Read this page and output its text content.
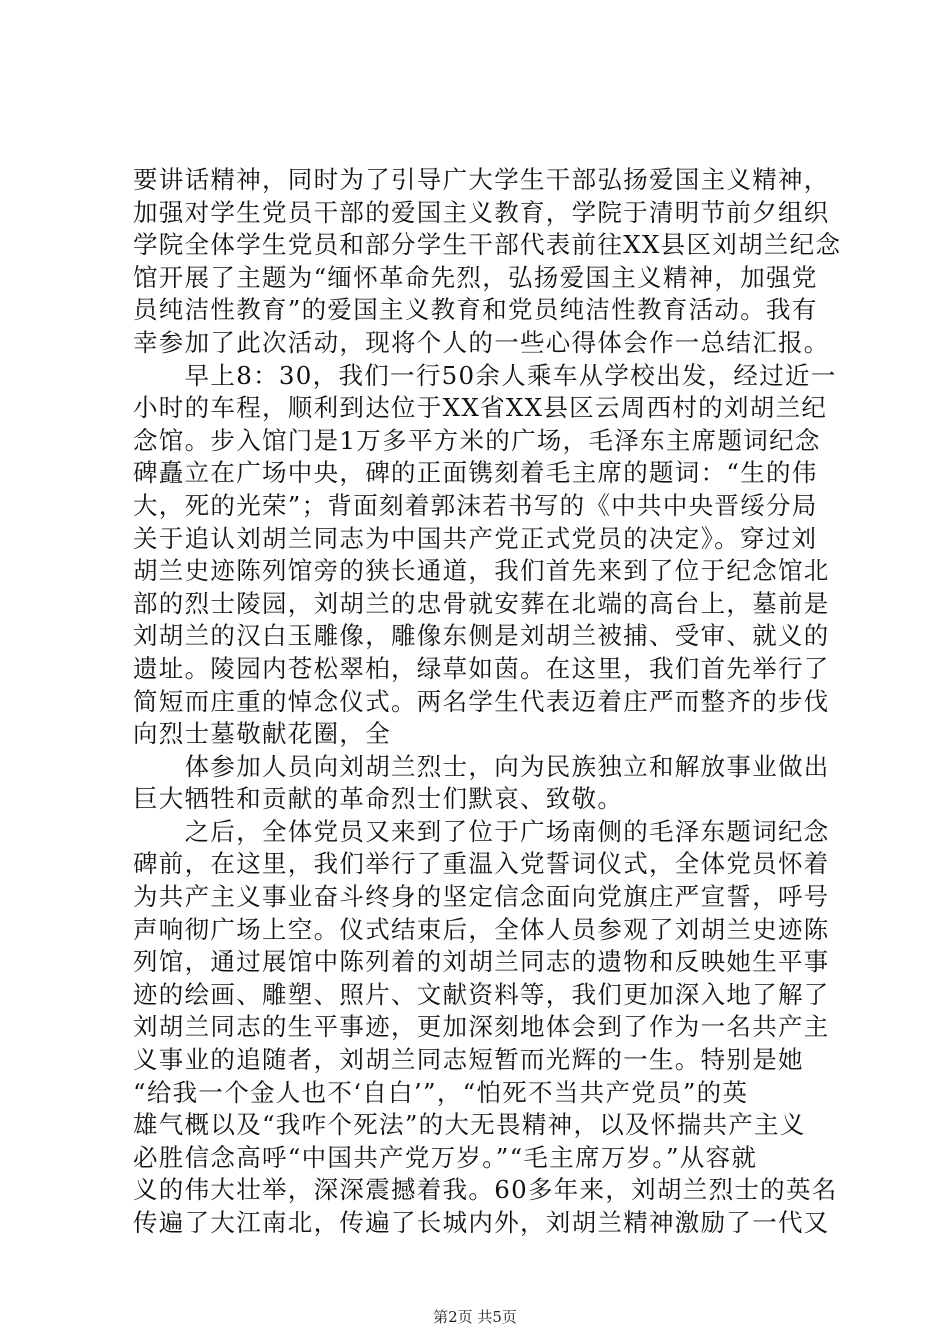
要讲话精神，同时为了引导广大学生干部弘扬爱国主义精神，
加强对学生党员干部的爱国主义教育，学院于清明节前夕组织
学院全体学生党员和部分学生干部代表前往XX县区刘胡兰纪念
馆开展了主题为“缅怀革命先烈，弘扬爱国主义精神，加强党
员纯洁性教育”的爱国主义教育和党员纯洁性教育活动。我有
幸参加了此次活动，现将个人的一些心得体会作一总结汇报。
　　早上8：30，我们一行50余人乘车从学校出发，经过近一
小时的车程，顺利到达位于XX省XX县区云周西村的刘胡兰纪
念馆。步入馆门是1万多平方米的广场，毛泽东主席题词纪念
碑矗立在广场中央，碑的正面镌刻着毛主席的题词：“生的伟
大，死的光荣”；背面刻着郭沫若书写的《中共中央晋绥分局
关于追认刘胡兰同志为中国共产党正式党员的决定》。穿过刘
胡兰史迹陈列馆旁的狭长通道，我们首先来到了位于纪念馆北
部的烈士陵园，刘胡兰的忠骨就安葬在北端的高台上，墓前是
刘胡兰的汉白玉雕像，雕像东侧是刘胡兰被捕、受审、就义的
遗址。陵园内苍松翠柏，绿草如茵。在这里，我们首先举行了
简短而庄重的悼念仪式。两名学生代表迈着庄严而整齐的步伐
向烈士墓敬献花圈，全
　　体参加人员向刘胡兰烈士，向为民族独立和解放事业做出
巨大牺牲和贡献的革命烈士们默哀、致敬。
　　之后，全体党员又来到了位于广场南侧的毛泽东题词纪念
碑前，在这里，我们举行了重温入党誓词仪式，全体党员怀着
为共产主义事业奋斗终身的坚定信念面向党旗庄严宣誓，呼号
声响彻广场上空。仪式结束后，全体人员参观了刘胡兰史迹陈
列馆，通过展馆中陈列着的刘胡兰同志的遗物和反映她生平事
迹的绘画、雕塑、照片、文献资料等，我们更加深入地了解了
刘胡兰同志的生平事迹，更加深刻地体会到了作为一名共产主
义事业的追随者，刘胡兰同志短暂而光辉的一生。特别是她
“给我一个金人也不‘自白’”，“怕死不当共产党员”的英
雄气概以及“我咋个死法”的大无畏精神，以及怀揣共产主义
必胜信念高呼“中国共产党万岁。”“毛主席万岁。”从容就
义的伟大壮举，深深震撼着我。60多年来，刘胡兰烈士的英名
传遍了大江南北，传遍了长城内外，刘胡兰精神激励了一代又
第2页 共5页
